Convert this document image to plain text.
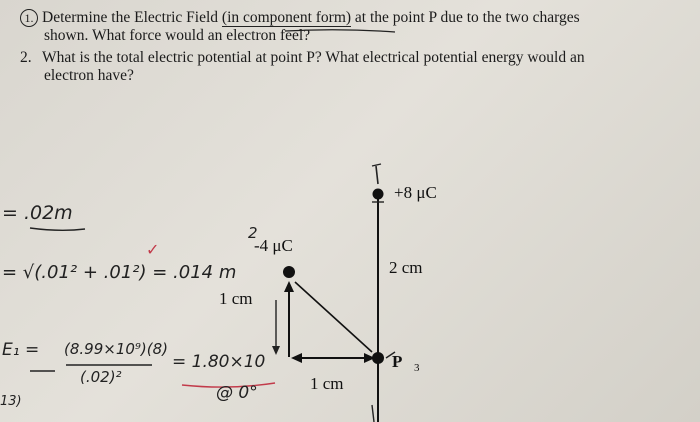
1. Determine the Electric Field (in component form) at the point P due to the two charges
shown. What force would an electron feel?
2. What is the total electric potential at point P? What electrical potential energy would an
electron have?
+8 μC
-4 μC
2 cm
1 cm
1 cm
P 3
= .02m
2
= √(.01² + .01²) = .014 m
✓
E₁ = (8.99×10⁹)(8)
(.02)²
= 1.80×10
@ 0°
13)
